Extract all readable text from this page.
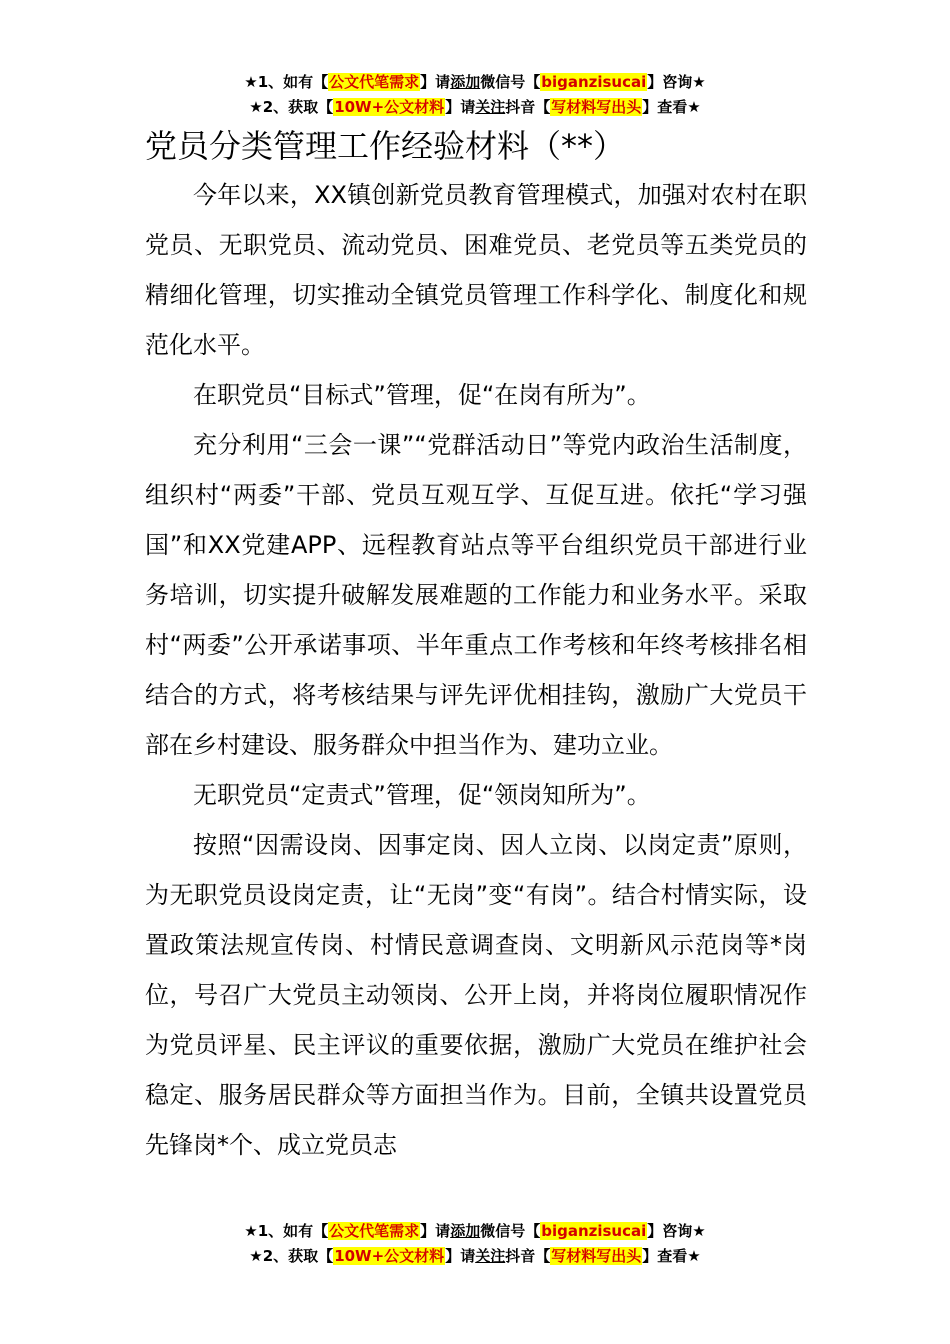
★1、如有【公文代笔需求】请添加微信号【biganzisucai】咨询★
★2、获取【10W+公文材料】请关注抖音【写材料写出头】查看★
党员分类管理工作经验材料（**）

今年以来，XX镇创新党员教育管理模式，加强对农村在职党员、无职党员、流动党员、困难党员、老党员等五类党员的精细化管理，切实推动全镇党员管理工作科学化、制度化和规范化水平。

在职党员“目标式”管理，促“在岗有所为”。

充分利用“三会一课”“党群活动日”等党内政治生活制度，组织村“两委”干部、党员互观互学、互促互进。依托“学习强国”和XX党建APP、远程教育站点等平台组织党员干部进行业务培训，切实提升破解发展难题的工作能力和业务水平。采取村“两委”公开承诺事项、半年重点工作考核和年终考核排名相结合的方式，将考核结果与评先评优相挂钩，激励广大党员干部在乡村建设、服务群众中担当作为、建功立业。

无职党员“定责式”管理，促“领岗知所为”。

按照“因需设岗、因事定岗、因人立岗、以岗定责”原则，为无职党员设岗定责，让“无岗”变“有岗”。结合村情实际，设置政策法规宣传岗、村情民意调查岗、文明新风示范岗等*岗位，号召广大党员主动领岗、公开上岗，并将岗位履职情况作为党员评星、民主评议的重要依据，激励广大党员在维护社会稳定、服务居民群众等方面担当作为。目前，全镇共设置党员先锋岗*个、成立党员志

★1、如有【公文代笔需求】请添加微信号【biganzisucai】咨询★
★2、获取【10W+公文材料】请关注抖音【写材料写出头】查看★
